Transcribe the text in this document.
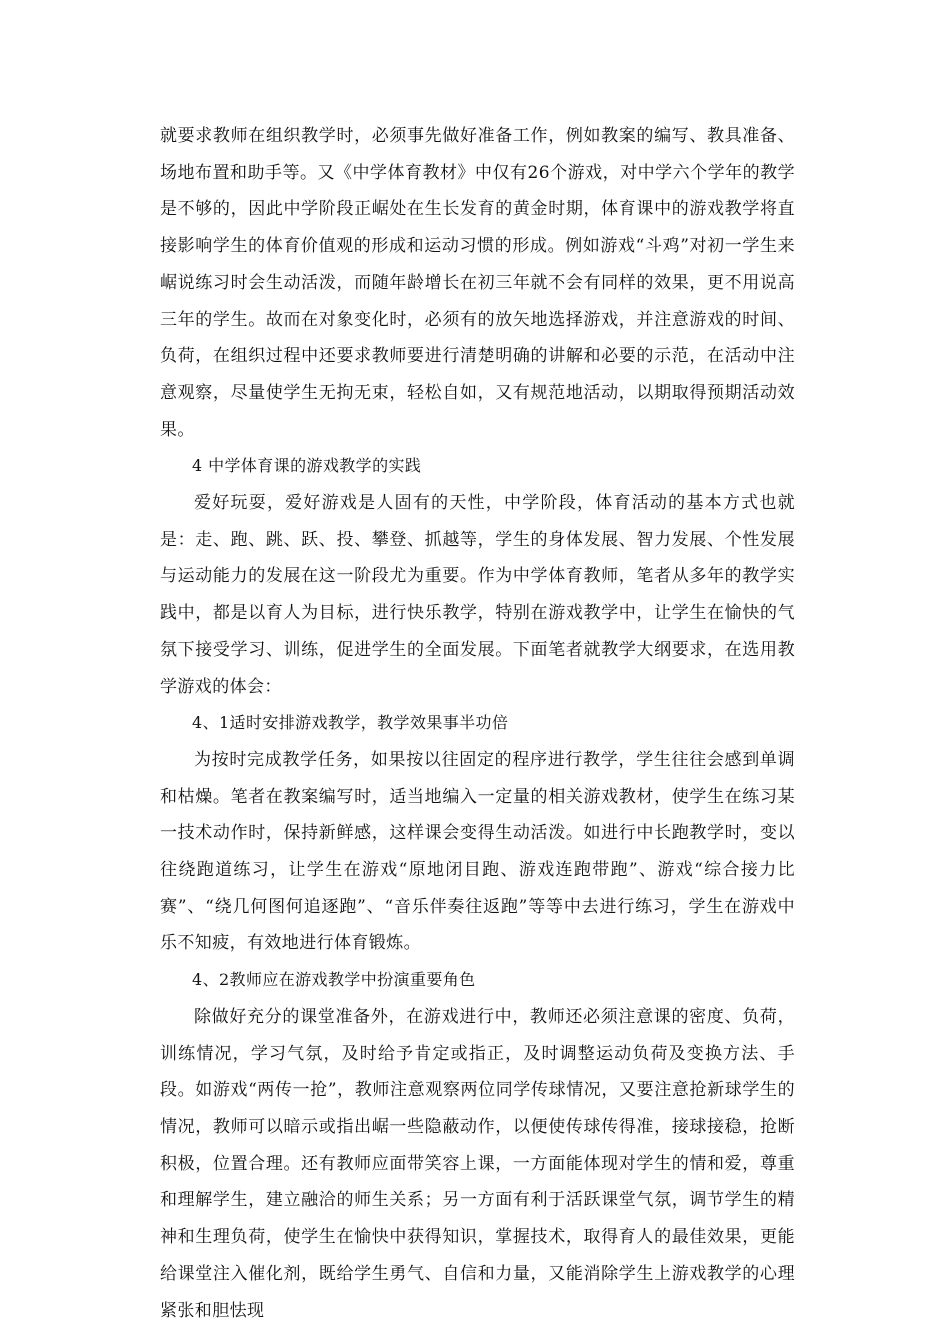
就要求教师在组织教学时，必须事先做好准备工作，例如教案的编写、教具准备、场地布置和助手等。又《中学体育教材》中仅有26个游戏，对中学六个学年的教学是不够的，因此中学阶段正崌处在生长发育的黄金时期，体育课中的游戏教学将直接影响学生的体育价值观的形成和运动习惯的形成。例如游戏“斗鸡”对初一学生来崌说练习时会生动活泼，而随年龄增长在初三年就不会有同样的效果，更不用说高三年的学生。故而在对象变化时，必须有的放矢地选择游戏，并注意游戏的时间、负荷，在组织过程中还要求教师要进行清楚明确的讲解和必要的示范，在活动中注意观察，尽量使学生无拘无束，轻松自如，又有规范地活动，以期取得预期活动效果。

4 中学体育课的游戏教学的实践

爱好玩耍，爱好游戏是人固有的天性，中学阶段，体育活动的基本方式也就是：走、跑、跳、跃、投、攀登、抓越等，学生的身体发展、智力发展、个性发展与运动能力的发展在这一阶段尤为重要。作为中学体育教师，笔者从多年的教学实践中，都是以育人为目标，进行快乐教学，特别在游戏教学中，让学生在愉快的气氛下接受学习、训练，促进学生的全面发展。下面笔者就教学大纲要求，在选用教学游戏的体会：

4、1适时安排游戏教学，教学效果事半功倍

为按时完成教学任务，如果按以往固定的程序进行教学，学生往往会感到单调和枯燥。笔者在教案编写时，适当地编入一定量的相关游戏教材，使学生在练习某一技术动作时，保持新鲜感，这样课会变得生动活泼。如进行中长跑教学时，变以往绕跑道练习，让学生在游戏“原地闭目跑、游戏连跑带跑”、游戏“综合接力比赛”、“绕几何图何追逐跑”、“音乐伴奏往返跑”等等中去进行练习，学生在游戏中乐不知疲，有效地进行体育锻炼。

4、2教师应在游戏教学中扮演重要角色

除做好充分的课堂准备外，在游戏进行中，教师还必须注意课的密度、负荷，训练情况，学习气氛，及时给予肯定或指正，及时调整运动负荷及变换方法、手段。如游戏“两传一抢”，教师注意观察两位同学传球情况，又要注意抢新球学生的情况，教师可以暗示或指出崌一些隐蔽动作，以便使传球传得准，接球接稳，抢断积极，位置合理。还有教师应面带笑容上课，一方面能体现对学生的情和爱，尊重和理解学生，建立融洽的师生关系；另一方面有利于活跃课堂气氛，调节学生的精神和生理负荷，使学生在愉快中获得知识，掌握技术，取得育人的最佳效果，更能给课堂注入催化剂，既给学生勇气、自信和力量，又能消除学生上游戏教学的心理紧张和胆怯现
